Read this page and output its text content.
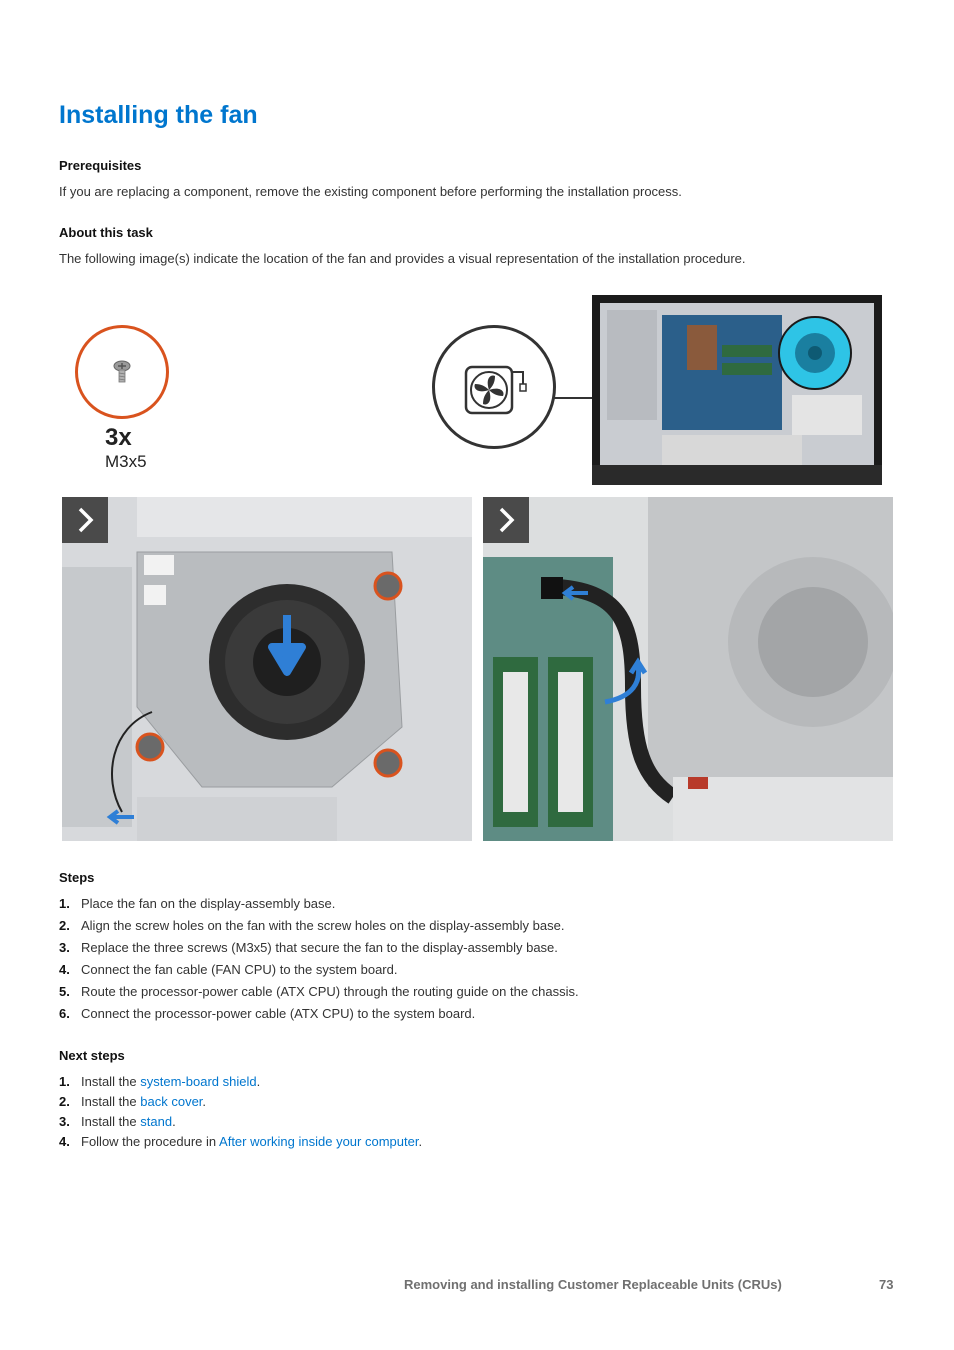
Installing the fan
Prerequisites

If you are replacing a component, remove the existing component before performing the installation process.

About this task

The following image(s) indicate the location of the fan and provides a visual representation of the installation procedure.

3x
M3x5
Steps
1. Place the fan on the display-assembly base.
2. Align the screw holes on the fan with the screw holes on the display-assembly base.
3. Replace the three screws (M3x5) that secure the fan to the display-assembly base.
4. Connect the fan cable (FAN CPU) to the system board.
5. Route the processor-power cable (ATX CPU) through the routing guide on the chassis.
6. Connect the processor-power cable (ATX CPU) to the system board.
Next steps
1. Install the system-board shield.
2. Install the back cover.
3. Install the stand.
4. Follow the procedure in After working inside your computer.
Removing and installing Customer Replaceable Units (CRUs)	73
